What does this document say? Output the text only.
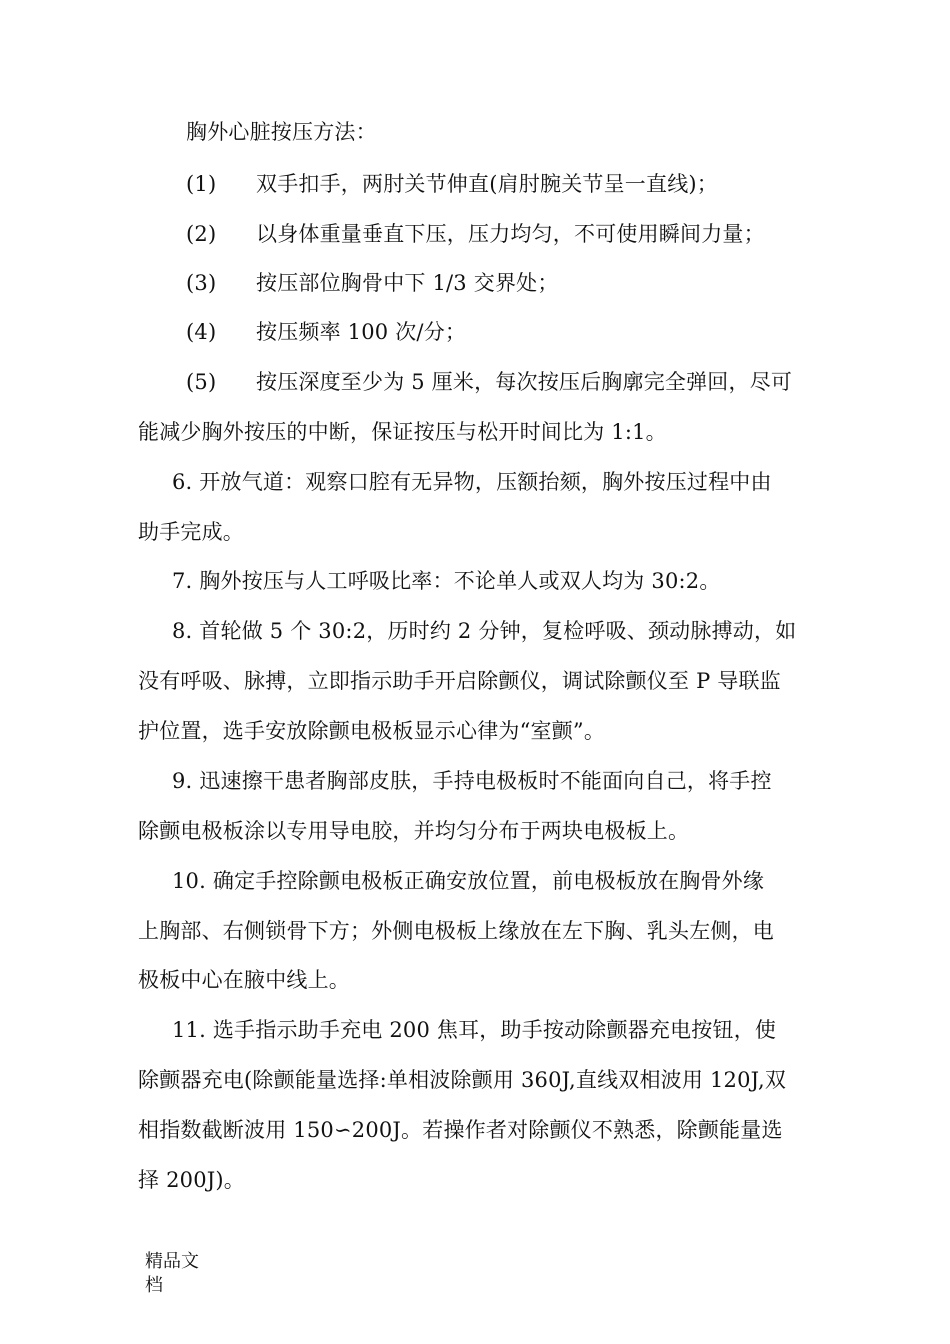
胸外心脏按压方法：
(1) 双手扣手，两肘关节伸直(肩肘腕关节呈一直线)；
(2) 以身体重量垂直下压，压力均匀，不可使用瞬间力量；
(3) 按压部位胸骨中下 1/3 交界处；
(4) 按压频率 100 次/分；
(5) 按压深度至少为 5 厘米，每次按压后胸廓完全弹回，尽可
能减少胸外按压的中断，保证按压与松开时间比为 1:1。
6. 开放气道：观察口腔有无异物，压额抬颏，胸外按压过程中由
助手完成。
7. 胸外按压与人工呼吸比率：不论单人或双人均为 30:2。
8. 首轮做 5 个 30:2，历时约 2 分钟，复检呼吸、颈动脉搏动，如
没有呼吸、脉搏，立即指示助手开启除颤仪，调试除颤仪至 P 导联监
护位置，选手安放除颤电极板显示心律为“室颤”。
9. 迅速擦干患者胸部皮肤，手持电极板时不能面向自己，将手控
除颤电极板涂以专用导电胶，并均匀分布于两块电极板上。
10. 确定手控除颤电极板正确安放位置，前电极板放在胸骨外缘
上胸部、右侧锁骨下方；外侧电极板上缘放在左下胸、乳头左侧，电
极板中心在腋中线上。
11. 选手指示助手充电 200 焦耳，助手按动除颤器充电按钮，使
除颤器充电(除颤能量选择:单相波除颤用 360J,直线双相波用 120J,双
相指数截断波用 150∽200J。若操作者对除颤仪不熟悉，除颤能量选
择 200J)。
精品文档
